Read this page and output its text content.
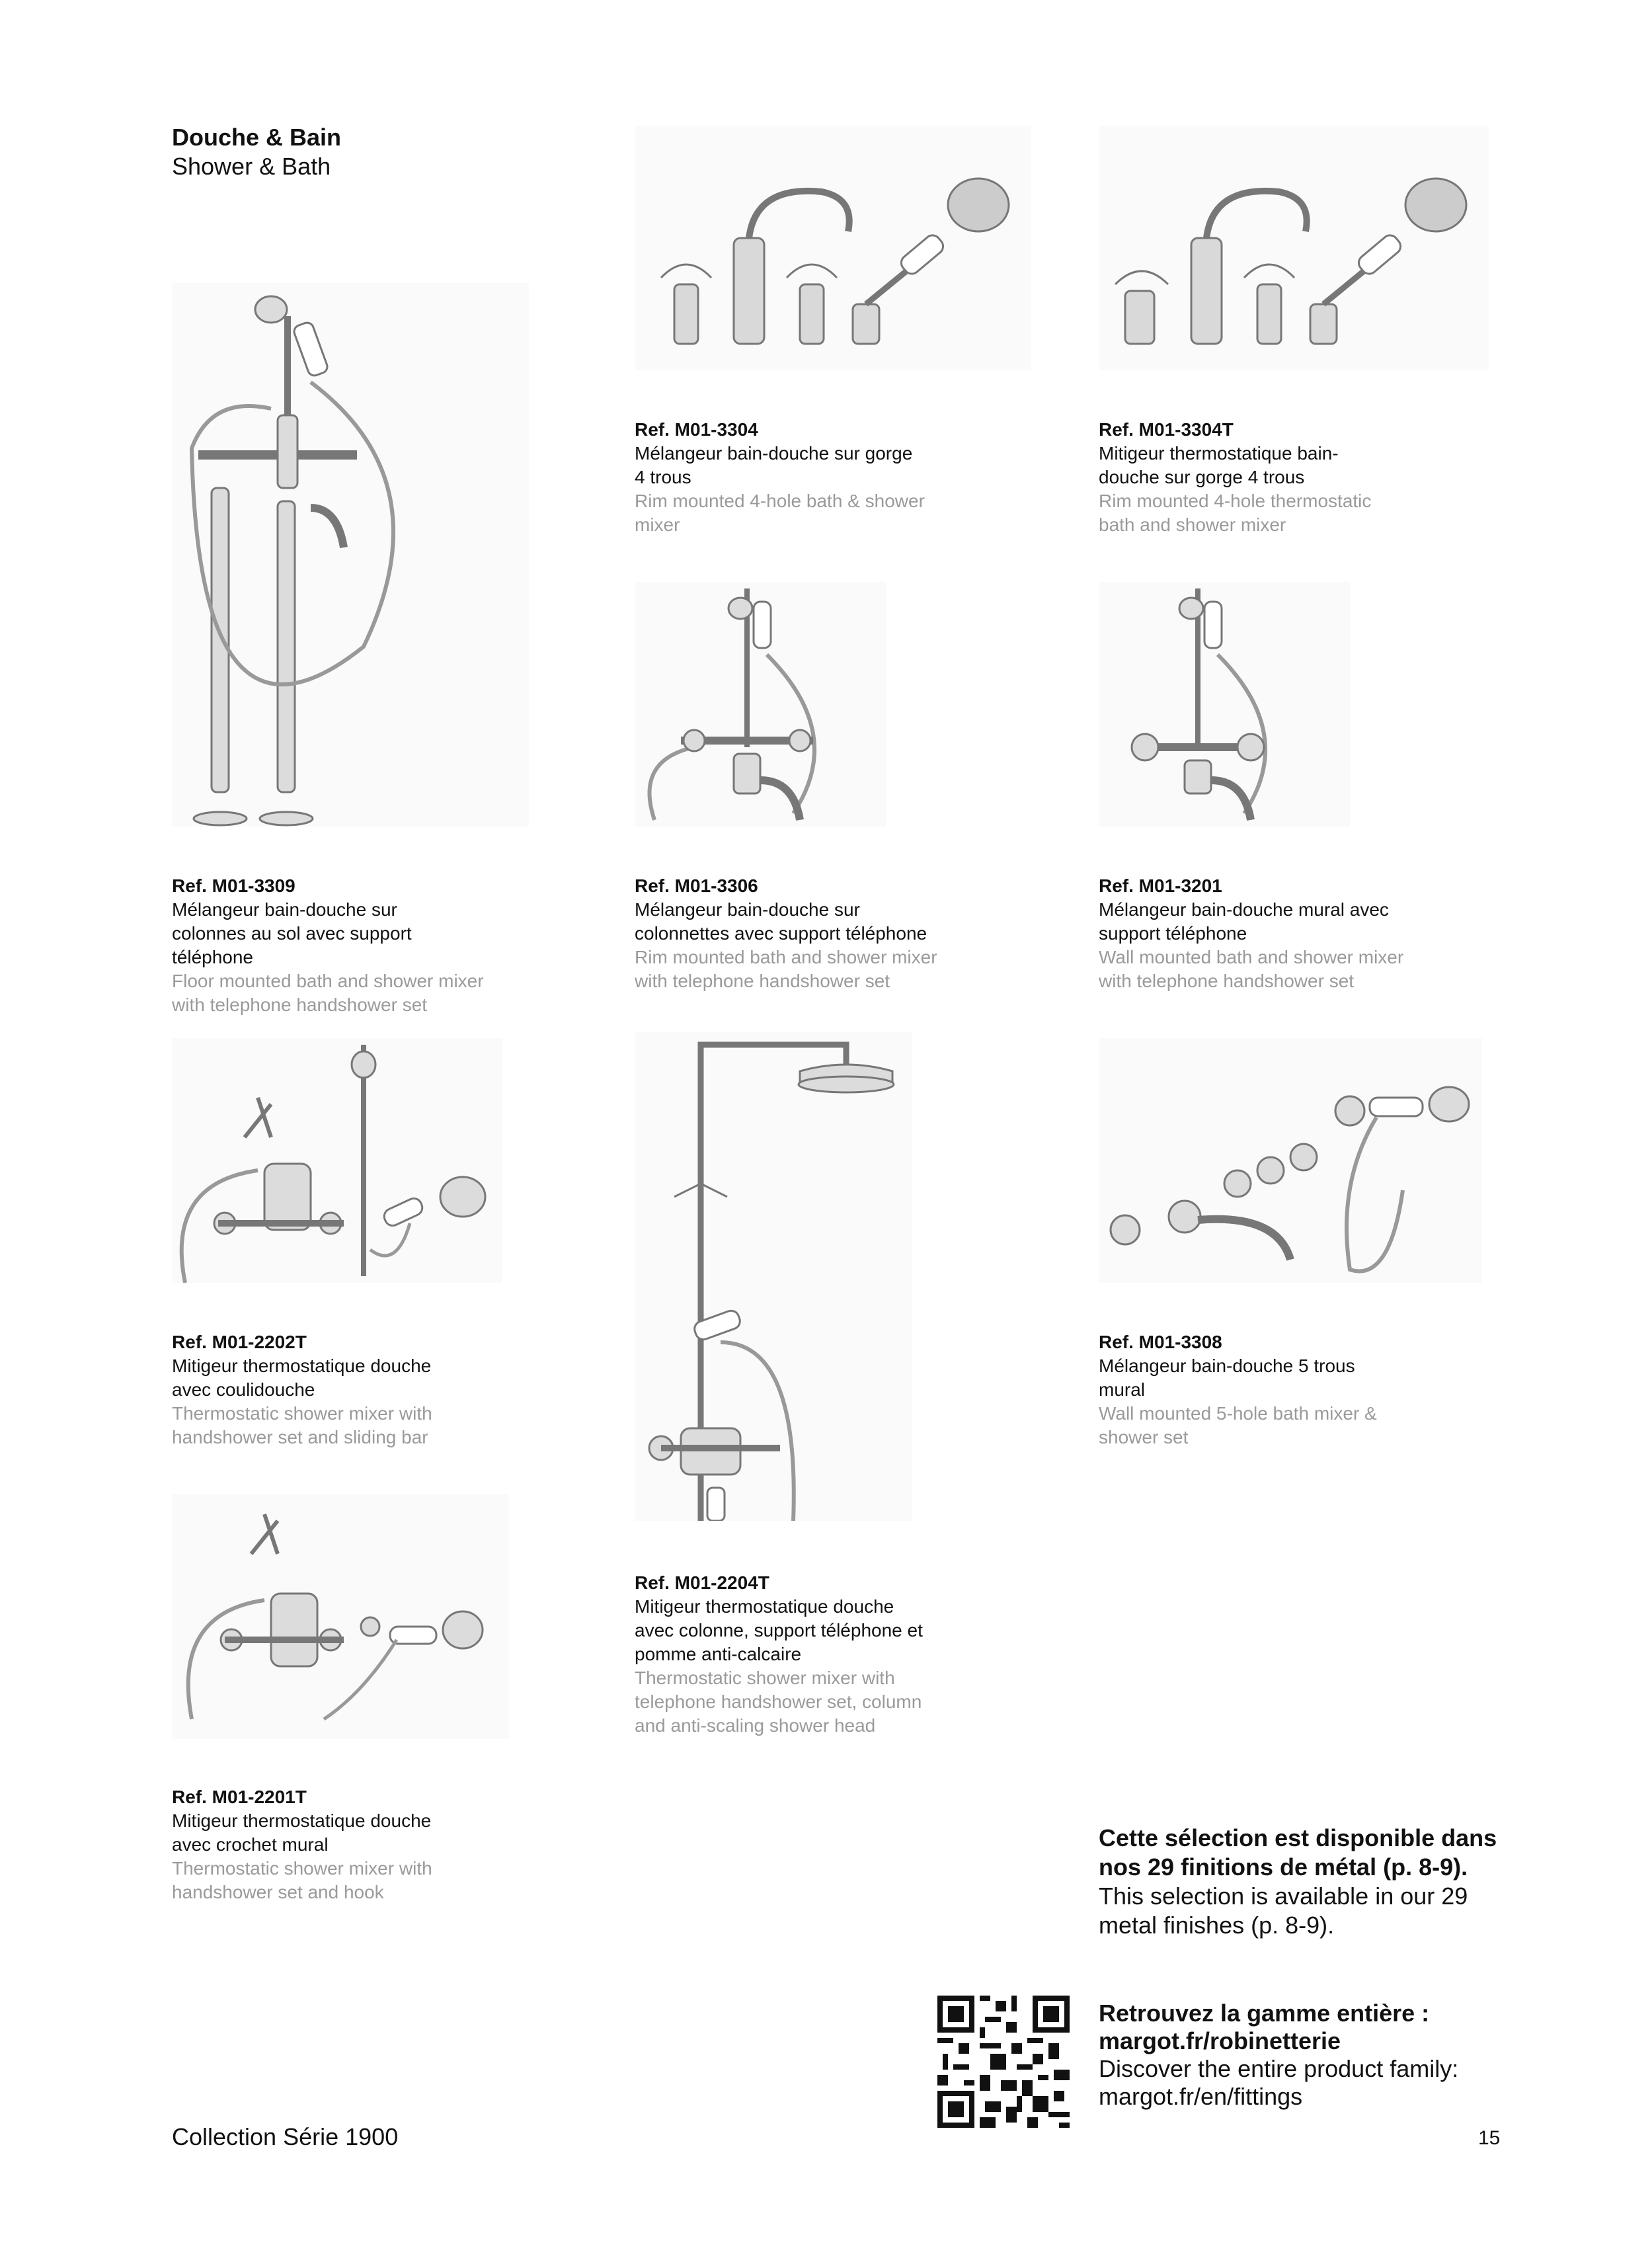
Douche & Bain
Shower & Bath
Ref. M01-3304
Mélangeur bain-douche sur gorge
4 trous
Rim mounted 4-hole bath & shower
mixer
Ref. M01-3304T
Mitigeur thermostatique bain-
douche sur gorge 4 trous
Rim mounted 4-hole thermostatic
bath and shower mixer
Ref. M01-3309
Mélangeur bain-douche sur
colonnes au sol avec support
téléphone
Floor mounted bath and shower mixer
with telephone handshower set
Ref. M01-3306
Mélangeur bain-douche sur
colonnettes avec support téléphone
Rim mounted bath and shower mixer
with telephone handshower set
Ref. M01-3201
Mélangeur bain-douche mural avec
support téléphone
Wall mounted bath and shower mixer
with telephone handshower set
Ref. M01-2202T
Mitigeur thermostatique douche
avec coulidouche
Thermostatic shower mixer with
handshower set and sliding bar
Ref. M01-3308
Mélangeur bain-douche 5 trous
mural
Wall mounted 5-hole bath mixer &
shower set
Ref. M01-2204T
Mitigeur thermostatique douche
avec colonne, support téléphone et
pomme anti-calcaire
Thermostatic shower mixer with
telephone handshower set, column
and anti-scaling shower head
Ref. M01-2201T
Mitigeur thermostatique douche
avec crochet mural
Thermostatic shower mixer with
handshower set and hook
Cette sélection est disponible dans
nos 29 finitions de métal (p. 8-9).
This selection is available in our 29
metal finishes (p. 8-9).
Retrouvez la gamme entière :
margot.fr/robinetterie
Discover the entire product family:
margot.fr/en/fittings
Collection Série 1900	15
